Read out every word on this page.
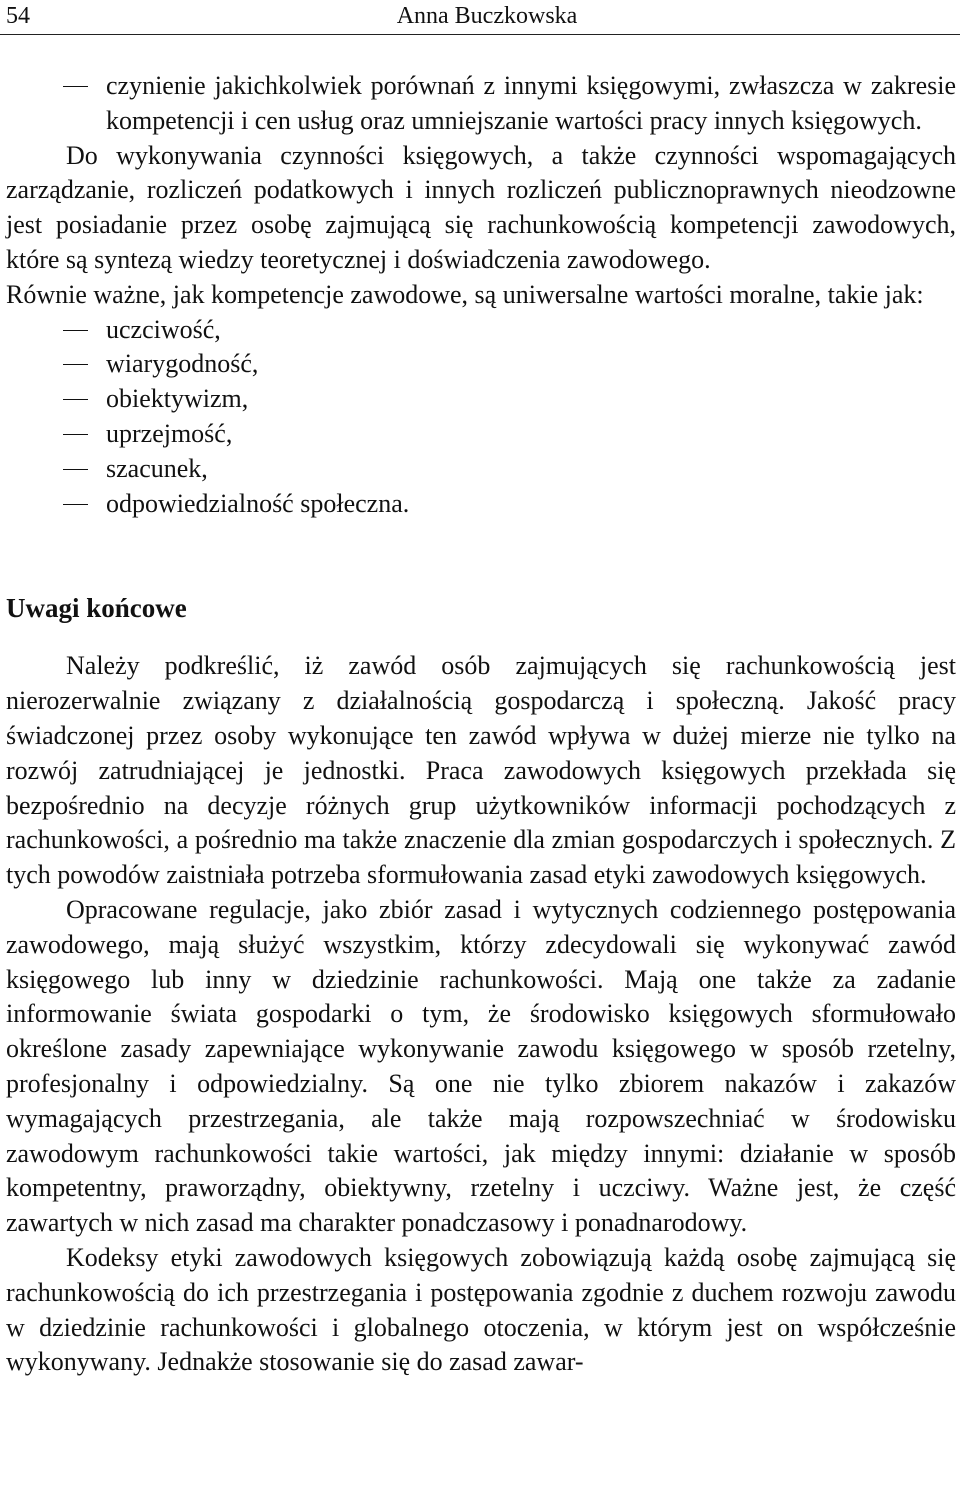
54	Anna Buczkowska
czynienie jakichkolwiek porównań z innymi księgowymi, zwłaszcza w zakresie kompetencji i cen usług oraz umniejszanie wartości pracy innych księgowych.

Do wykonywania czynności księgowych, a także czynności wspomagających zarządzanie, rozliczeń podatkowych i innych rozliczeń publicznoprawnych nieodzowne jest posiadanie przez osobę zajmującą się rachunkowością kompetencji zawodowych, które są syntezą wiedzy teoretycznej i doświadczenia zawodowego.

Równie ważne, jak kompetencje zawodowe, są uniwersalne wartości moralne, takie jak:

uczciwość,
wiarygodność,
obiektywizm,
uprzejmość,
szacunek,
odpowiedzialność społeczna.
Uwagi końcowe

Należy podkreślić, iż zawód osób zajmujących się rachunkowością jest nierozerwalnie związany z działalnością gospodarczą i społeczną. Jakość pracy świadczonej przez osoby wykonujące ten zawód wpływa w dużej mierze nie tylko na rozwój zatrudniającej je jednostki. Praca zawodowych księgowych przekłada się bezpośrednio na decyzje różnych grup użytkowników informacji pochodzących z rachunkowości, a pośrednio ma także znaczenie dla zmian gospodarczych i społecznych. Z tych powodów zaistniała potrzeba sformułowania zasad etyki zawodowych księgowych.

Opracowane regulacje, jako zbiór zasad i wytycznych codziennego postępowania zawodowego, mają służyć wszystkim, którzy zdecydowali się wykonywać zawód księgowego lub inny w dziedzinie rachunkowości. Mają one także za zadanie informowanie świata gospodarki o tym, że środowisko księgowych sformułowało określone zasady zapewniające wykonywanie zawodu księgowego w sposób rzetelny, profesjonalny i odpowiedzialny. Są one nie tylko zbiorem nakazów i zakazów wymagających przestrzegania, ale także mają rozpowszechniać w środowisku zawodowym rachunkowości takie wartości, jak między innymi: działanie w sposób kompetentny, praworządny, obiektywny, rzetelny i uczciwy. Ważne jest, że część zawartych w nich zasad ma charakter ponadczasowy i ponadnarodowy.

Kodeksy etyki zawodowych księgowych zobowiązują każdą osobę zajmującą się rachunkowością do ich przestrzegania i postępowania zgodnie z duchem rozwoju zawodu w dziedzinie rachunkowości i globalnego otoczenia, w którym jest on współcześnie wykonywany. Jednakże stosowanie się do zasad zawar-
